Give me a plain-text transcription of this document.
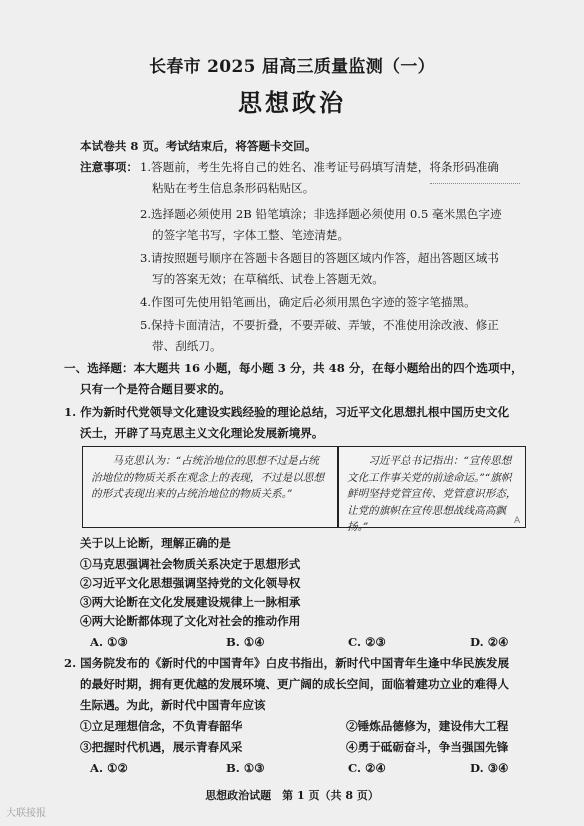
长春市 2025 届高三质量监测（一）
思想政治
本试卷共 8 页。考试结束后，将答题卡交回。
注意事项： 1.答题前，考生先将自己的姓名、准考证号码填写清楚，将条形码准确
粘贴在考生信息条形码粘贴区。
2.选择题必须使用 2B 铅笔填涂；非选择题必须使用 0.5 毫米黑色字迹
的签字笔书写，字体工整、笔迹清楚。
3.请按照题号顺序在答题卡各题目的答题区域内作答，超出答题区域书
写的答案无效；在草稿纸、试卷上答题无效。
4.作图可先使用铅笔画出，确定后必须用黑色字迹的签字笔描黑。
5.保持卡面清洁，不要折叠，不要弄破、弄皱，不准使用涂改液、修正
带、刮纸刀。
一、选择题：本大题共 16 小题，每小题 3 分，共 48 分，在每小题给出的四个选项中，
只有一个是符合题目要求的。
1. 作为新时代党领导文化建设实践经验的理论总结，习近平文化思想扎根中国历史文化
沃土，开辟了马克思主义文化理论发展新境界。

马克思认为：“占统治地位的思想不过是占统治地位的物质关系在观念上的表现，不过是以思想的形式表现出来的占统治地位的物质关系。”

习近平总书记指出：“宣传思想文化工作事关党的前途命运。”“旗帜鲜明坚持党管宣传、党管意识形态，让党的旗帜在宣传思想战线高高飘扬。”

关于以上论断，理解正确的是
A
①马克思强调社会物质关系决定于思想形式
②习近平文化思想强调坚持党的文化领导权
③两大论断在文化发展建设规律上一脉相承
④两大论断都体现了文化对社会的推动作用
A. ①③	B. ①④	C. ②③	D. ②④
2. 国务院发布的《新时代的中国青年》白皮书指出，新时代中国青年生逢中华民族发展
的最好时期，拥有更优越的发展环境、更广阔的成长空间，面临着建功立业的难得人
生际遇。为此，新时代中国青年应该
①立足理想信念，不负青春韶华	②锤炼品德修为，建设伟大工程
③把握时代机遇，展示青春风采	④勇于砥砺奋斗，争当强国先锋
A. ①②	B. ①③	C. ②④	D. ③④
思想政治试题　第 1 页（共 8 页）
大联接报
